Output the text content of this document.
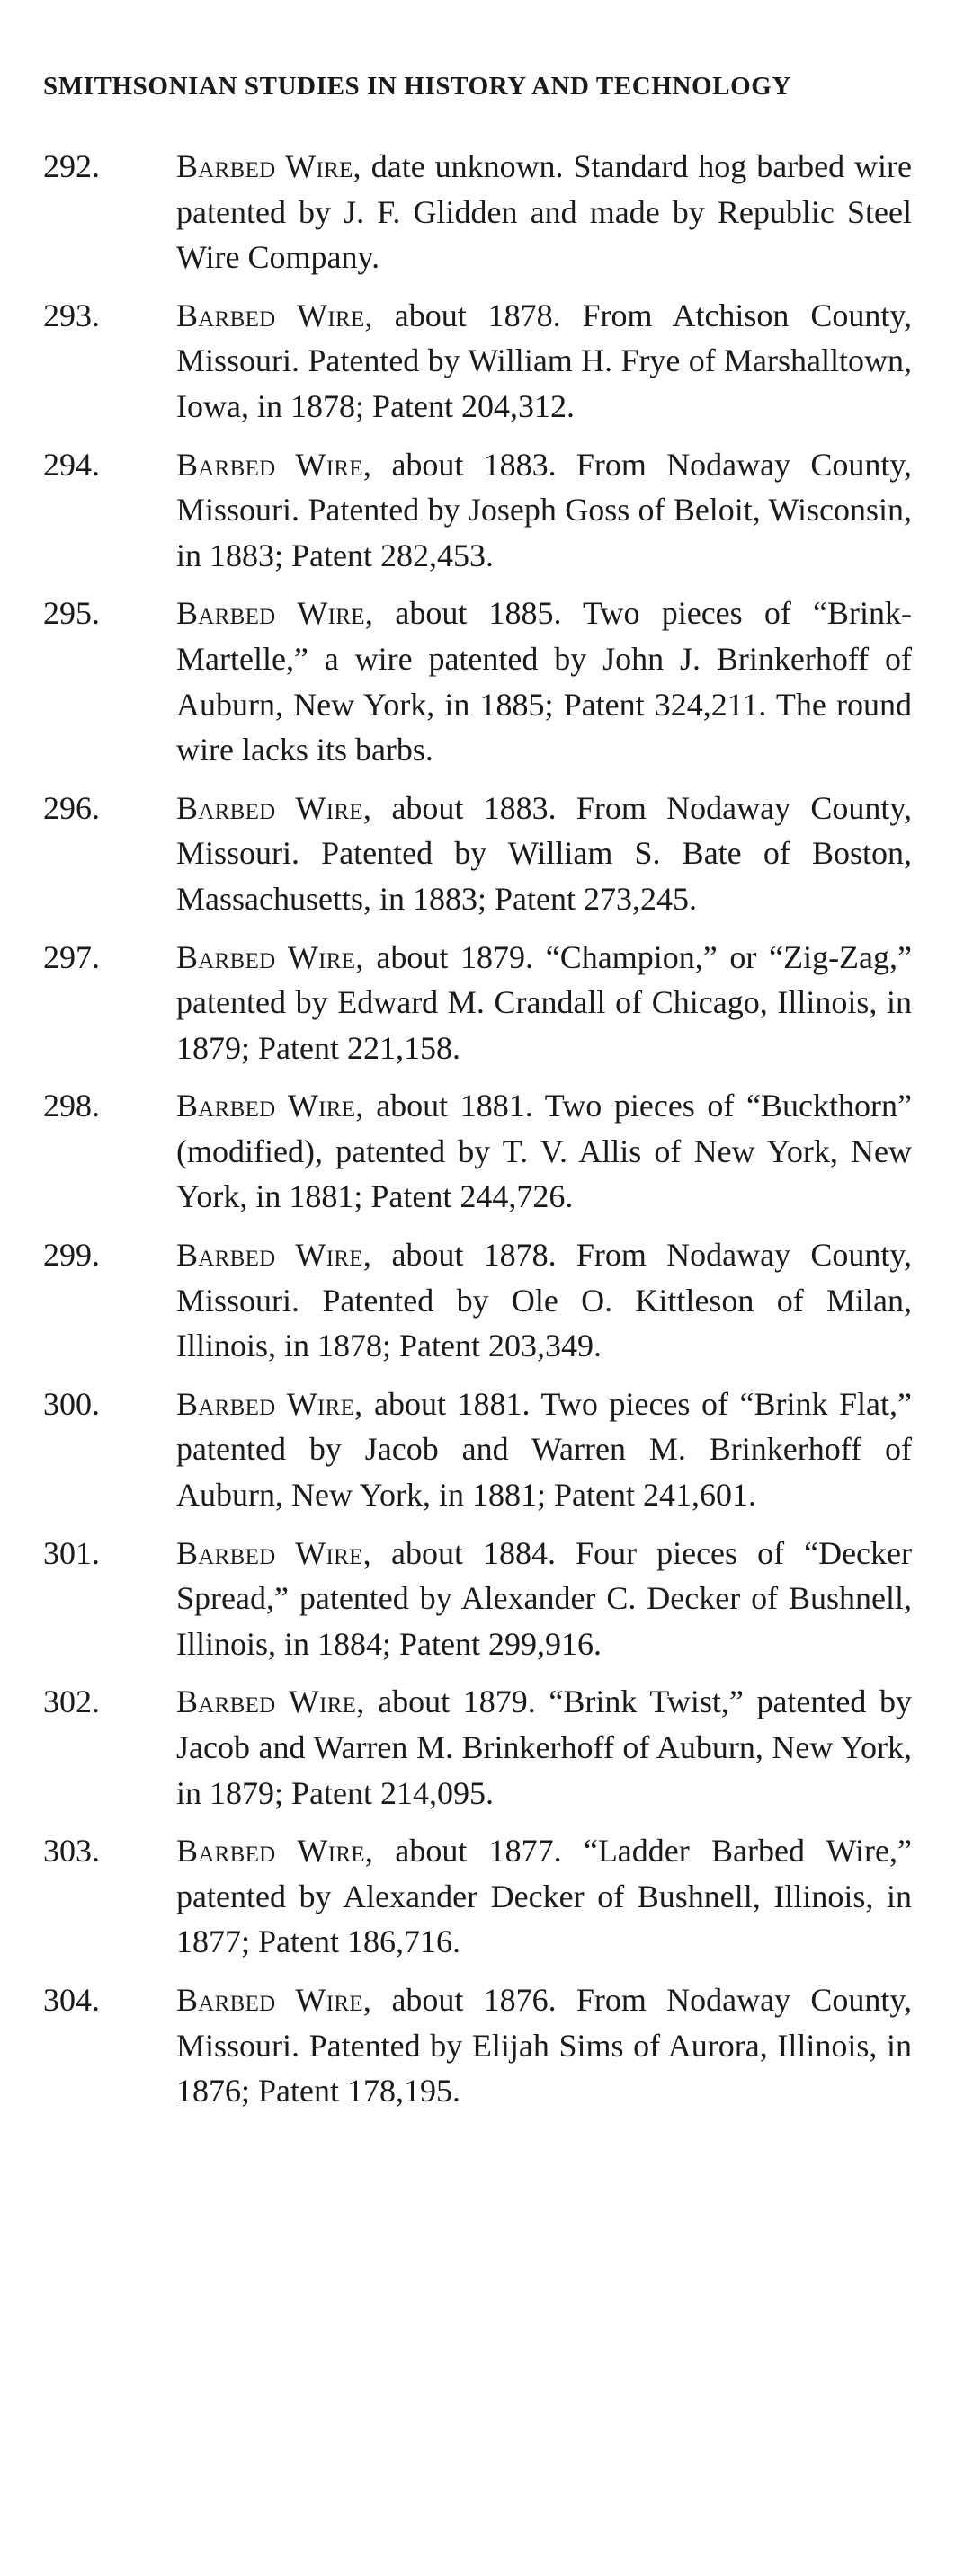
SMITHSONIAN STUDIES IN HISTORY AND TECHNOLOGY
292. Barbed Wire, date unknown. Standard hog barbed wire patented by J. F. Glidden and made by Republic Steel Wire Company.
293. Barbed Wire, about 1878. From Atchison County, Missouri. Patented by William H. Frye of Marshalltown, Iowa, in 1878; Patent 204,312.
294. Barbed Wire, about 1883. From Nodaway County, Missouri. Patented by Joseph Goss of Beloit, Wisconsin, in 1883; Patent 282,453.
295. Barbed Wire, about 1885. Two pieces of “Brink-Martelle,” a wire patented by John J. Brinkerhoff of Auburn, New York, in 1885; Patent 324,211. The round wire lacks its barbs.
296. Barbed Wire, about 1883. From Nodaway County, Missouri. Patented by William S. Bate of Boston, Massachusetts, in 1883; Patent 273,245.
297. Barbed Wire, about 1879. “Champion,” or “Zig-Zag,” patented by Edward M. Crandall of Chicago, Illinois, in 1879; Patent 221,158.
298. Barbed Wire, about 1881. Two pieces of “Buckthorn” (modified), patented by T. V. Allis of New York, New York, in 1881; Patent 244,726.
299. Barbed Wire, about 1878. From Nodaway County, Missouri. Patented by Ole O. Kittleson of Milan, Illinois, in 1878; Patent 203,349.
300. Barbed Wire, about 1881. Two pieces of “Brink Flat,” patented by Jacob and Warren M. Brinkerhoff of Auburn, New York, in 1881; Patent 241,601.
301. Barbed Wire, about 1884. Four pieces of “Decker Spread,” patented by Alexander C. Decker of Bushnell, Illinois, in 1884; Patent 299,916.
302. Barbed Wire, about 1879. “Brink Twist,” patented by Jacob and Warren M. Brinkerhoff of Auburn, New York, in 1879; Patent 214,095.
303. Barbed Wire, about 1877. “Ladder Barbed Wire,” patented by Alexander Decker of Bushnell, Illinois, in 1877; Patent 186,716.
304. Barbed Wire, about 1876. From Nodaway County, Missouri. Patented by Elijah Sims of Aurora, Illinois, in 1876; Patent 178,195.
